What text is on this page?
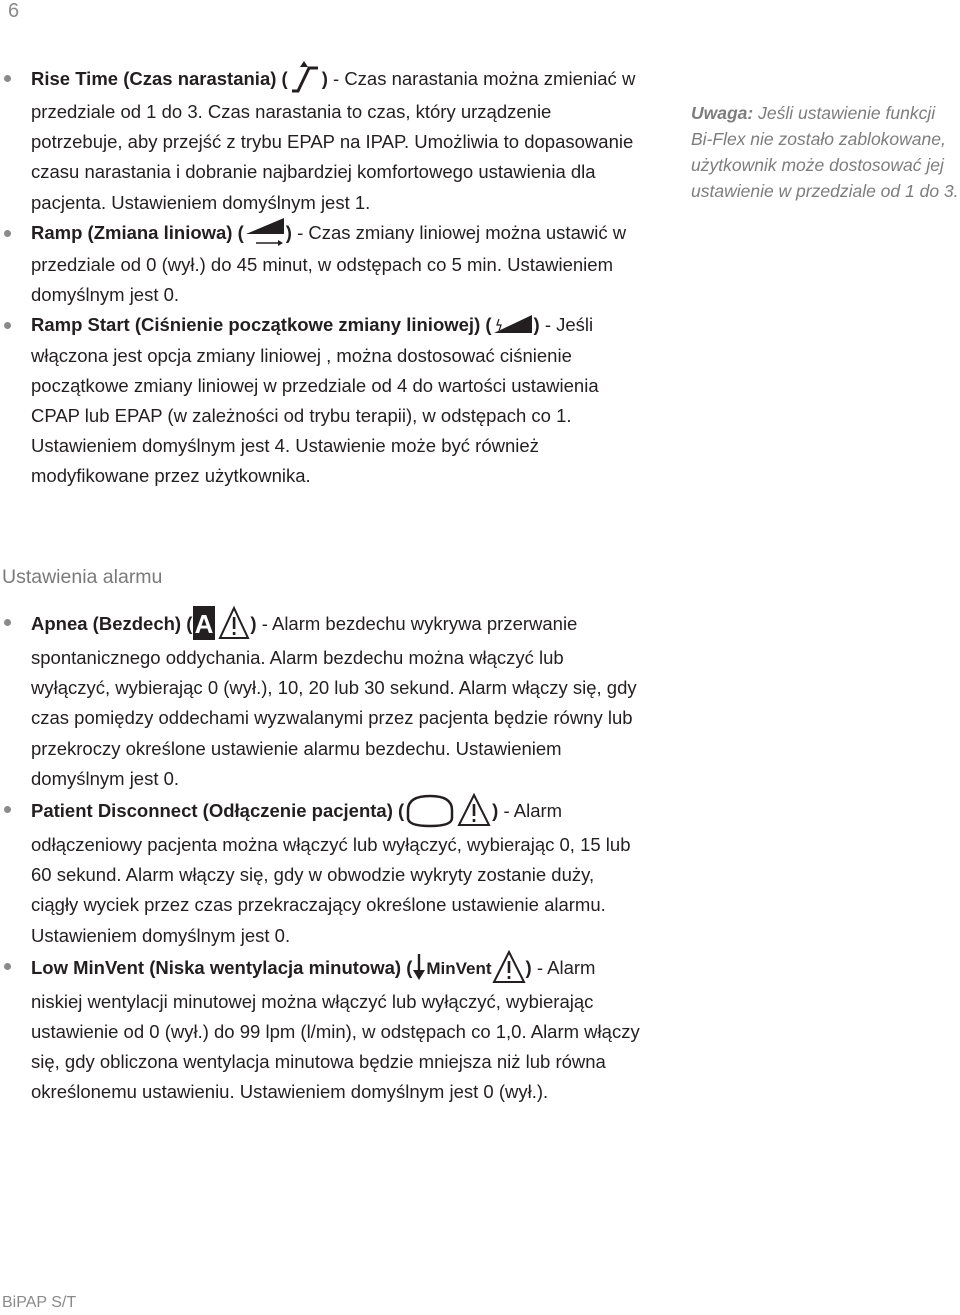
6
Rise Time (Czas narastania) ( ) - Czas narastania można zmieniać w przedziale od 1 do 3. Czas narastania to czas, który urządzenie potrzebuje, aby przejść z trybu EPAP na IPAP. Umożliwia to dopasowanie czasu narastania i dobranie najbardziej komfortowego ustawienia dla pacjenta. Ustawieniem domyślnym jest 1.
Ramp (Zmiana liniowa) ( ) - Czas zmiany liniowej można ustawić w przedziale od 0 (wył.) do 45 minut, w odstępach co 5 min. Ustawieniem domyślnym jest 0.
Ramp Start (Ciśnienie początkowe zmiany liniowej) ( ) - Jeśli włączona jest opcja zmiany liniowej , można dostosować ciśnienie początkowe zmiany liniowej w przedziale od 4 do wartości ustawienia CPAP lub EPAP (w zależności od trybu terapii), w odstępach co 1. Ustawieniem domyślnym jest 4. Ustawienie może być również modyfikowane przez użytkownika.
Uwaga: Jeśli ustawienie funkcji Bi-Flex nie zostało zablokowane, użytkownik może dostosować jej ustawienie w przedziale od 1 do 3.
Ustawienia alarmu
Apnea (Bezdech) ( A ) - Alarm bezdechu wykrywa przerwanie spontanicznego oddychania. Alarm bezdechu można włączyć lub wyłączyć, wybierając 0 (wył.), 10, 20 lub 30 sekund. Alarm włączy się, gdy czas pomiędzy oddechami wyzwalanymi przez pacjenta będzie równy lub przekroczy określone ustawienie alarmu bezdechu. Ustawieniem domyślnym jest 0.
Patient Disconnect (Odłączenie pacjenta) (	) - Alarm odłączeniowy pacjenta można włączyć lub wyłączyć, wybierając 0, 15 lub 60 sekund. Alarm włączy się, gdy w obwodzie wykryty zostanie duży, ciągły wyciek przez czas przekraczający określone ustawienie alarmu. Ustawieniem domyślnym jest 0.
Low MinVent (Niska wentylacja minutowa) ( MinVent ) - Alarm niskiej wentylacji minutowej można włączyć lub wyłączyć, wybierając ustawienie od 0 (wył.) do 99 lpm (l/min), w odstępach co 1,0. Alarm włączy się, gdy obliczona wentylacja minutowa będzie mniejsza niż lub równa określonemu ustawieniu. Ustawieniem domyślnym jest 0 (wył.).
BiPAP S/T
